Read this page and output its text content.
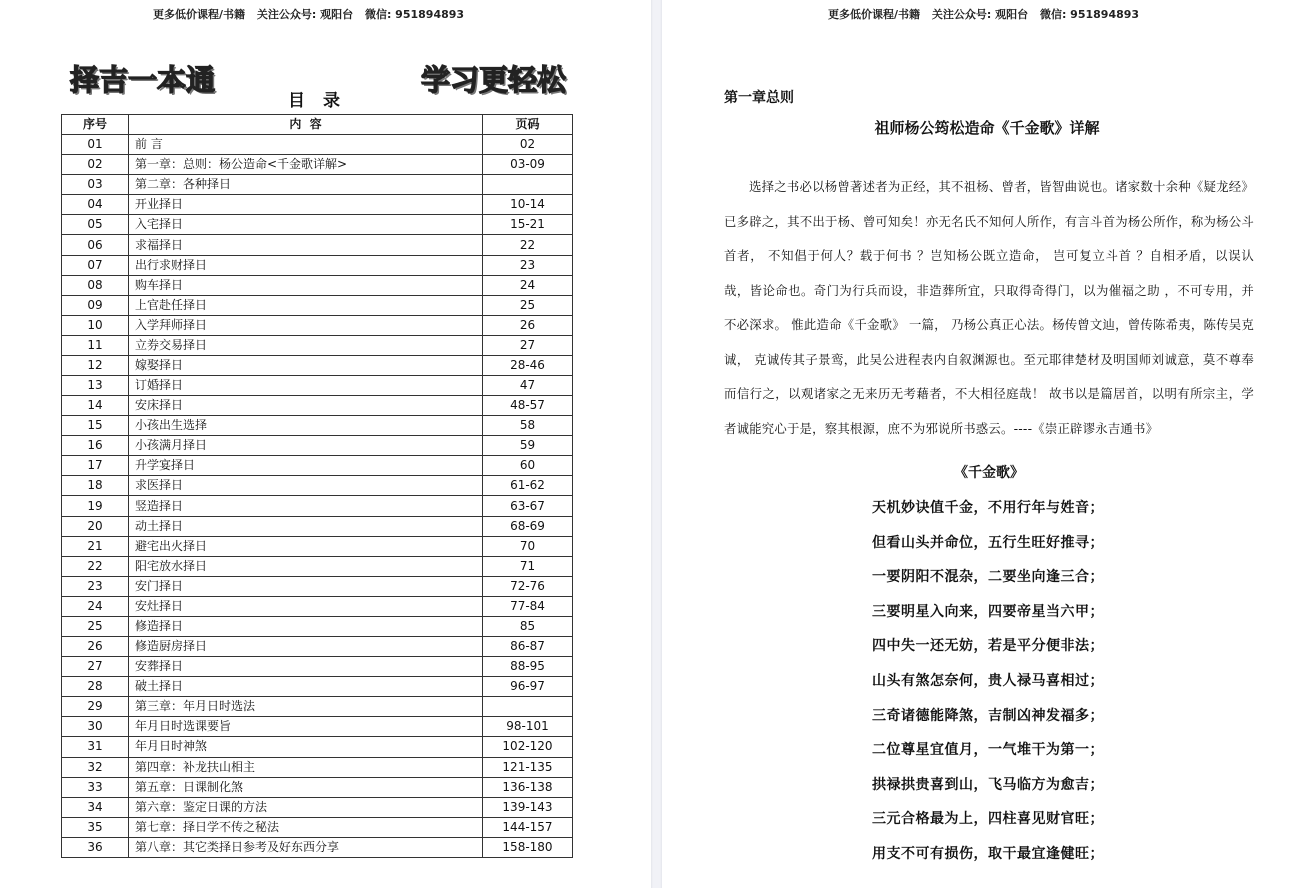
更多低价课程/书籍 关注公众号: 观阳台 微信: 951894893
择吉一本通	学习更轻松
目 录
序号	内  容	页码
01	前 言	02
02	第一章：总则：杨公造命<千金歌详解>	03-09
03	第二章：各种择日	
04	开业择日	10-14
05	入宅择日	15-21
06	求福择日	22
07	出行求财择日	23
08	购车择日	24
09	上官赴任择日	25
10	入学拜师择日	26
11	立券交易择日	27
12	嫁娶择日	28-46
13	订婚择日	47
14	安床择日	48-57
15	小孩出生选择	58
16	小孩满月择日	59
17	升学宴择日	60
18	求医择日	61-62
19	竖造择日	63-67
20	动土择日	68-69
21	避宅出火择日	70
22	阳宅放水择日	71
23	安门择日	72-76
24	安灶择日	77-84
25	修造择日	85
26	修造厨房择日	86-87
27	安葬择日	88-95
28	破土择日	96-97
29	第三章：年月日时选法	
30	年月日时选课要旨	98-101
31	年月日时神煞	102-120
32	第四章：补龙扶山相主	121-135
33	第五章：日课制化煞	136-138
34	第六章：鉴定日课的方法	139-143
35	第七章：择日学不传之秘法	144-157
36	第八章：其它类择日参考及好东西分享	158-180
更多低价课程/书籍 关注公众号: 观阳台 微信: 951894893
第一章总则
祖师杨公筠松造命《千金歌》详解
选择之书必以杨曾著述者为正经，其不祖杨、曾者，皆智曲说也。诸家数十余种《疑龙经》已多辟之，其不出于杨、曾可知矣！亦无名氏不知何人所作，有言斗首为杨公所作，称为杨公斗首者， 不知倡于何人？载于何书 ？岂知杨公既立造命， 岂可复立斗首 ？自相矛盾，以误认哉，皆论命也。奇门为行兵而设，非造葬所宜，只取得奇得门，以为催福之助 ，不可专用，并不必深求。 惟此造命《千金歌》 一篇， 乃杨公真正心法。杨传曾文辿，曾传陈希夷，陈传吴克诚， 克诚传其子景鸾，此吴公进程表内自叙渊源也。至元耶律楚材及明国师刘诚意，莫不尊奉而信行之，以观诸家之无来历无考藉者，不大相径庭哉！ 故书以是篇居首，以明有所宗主，学者诚能究心于是，察其根源，庶不为邪说所书惑云。----《崇正辟谬永吉通书》
《千金歌》
天机妙诀值千金，不用行年与姓音；
但看山头并命位，五行生旺好推寻；
一要阴阳不混杂，二要坐向逢三合；
三要明星入向来，四要帝星当六甲；
四中失一还无妨，若是平分便非法；
山头有煞怎奈何，贵人禄马喜相过；
三奇诸德能降煞，吉制凶神发福多；
二位尊星宜值月，一气堆干为第一；
拱禄拱贵喜到山，飞马临方为愈吉；
三元合格最为上，四柱喜见财官旺；
用支不可有损伤，取干最宜逢健旺；
